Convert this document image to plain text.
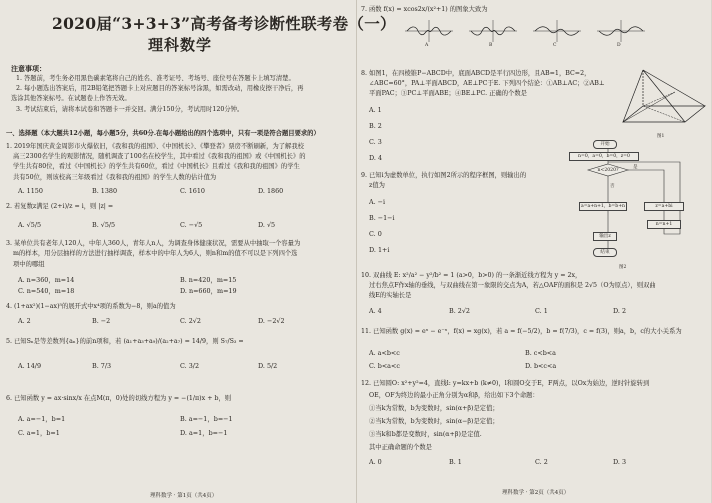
2020届“3+3+3”高考备考诊断性联考卷（一）
理科数学
注意事项：
1. 答题前，考生务必用黑色碳素笔将自己的姓名、准考证号、考场号、座位号在答题卡上填写清楚。
2. 每小题选出答案后，用2B铅笔把答题卡上对应题目的答案标号涂黑，如需改动，用橡皮擦干净后，再
选涂其他答案标号。在试题卷上作答无效。
3. 考试结束后，请将本试卷和答题卡一并交回。满分150分，考试用时120分钟。
一、选择题（本大题共12小题，每小题5分，共60分.在每小题给出的四个选项中，只有一项是符合题目要求的）
1. 2019年国庆黄金周影市火爆依旧，《我和我的祖国》、《中国机长》、《攀登者》票房不断刷新，为了解我校
高三2300名学生的观影情况，随机调查了100名在校学生，其中看过《我和我的祖国》或《中国机长》的
学生共有80位，看过《中国机长》的学生共有60位，看过《中国机长》且看过《我和我的祖国》的学生
共有50位，则该校高三年级看过《我和我的祖国》的学生人数的估计值为
A. 1150	B. 1380	C. 1610	D. 1860
2. 若复数z满足 (2+i)/z = i，则 |z| =
A. √5/5	B. √5/5	C. −√5	D. √5
3. 某单位共有老年人120人，中年人360人，青年人n人，为调查身体健康状况，需要从中抽取一个容量为
m的样本，用分层抽样的方法进行抽样调查，样本中的中年人为6人，则n和m的值不可以是下列四个选
项中的哪组
A. n=360，m=14	B. n=420，m=15
C. n=540，m=18	D. n=660，m=19
4. (1+ax²)(1−ax)⁵的展开式中x⁴项的系数为−8，则a的值为
A. 2	B. −2	C. 2√2	D. −2√2
5. 已知Sₙ是等差数列{aₙ}的前n项和，若 (a₁+a₃+a₉)/(a₂+a₇) = 14/9，则 S₇/S₃ =
A. 14/9	B. 7/3	C. 3/2	D. 5/2
6. 已知函数 y = ax·sinx/x 在点M(π，0)处的切线方程为 y = −(1/π)x + b，则
A. a=−1，b=1	B. a=−1，b=−1
C. a=1，b=1	D. a=1，b=−1
理科数学 · 第1页（共4页）
7. 函数 f(x) = xcos2x/(x²+1) 的图象大致为
A	B	C	D
8. 如图1，在四棱锥P−ABCD中，底面ABCD是平行四边形，且AB=1，BC=2，
∠ABC=60°，PA⊥平面ABCD，AE⊥PC于E. 下列四个结论：①AB⊥AC；②AB⊥
平面PAC；③PC⊥平面ABE；④BE⊥PC. 正确的个数是
A. 1
B. 2
C. 3
D. 4
图1
9. 已知i为虚数单位，执行如图2所示的程序框图，则输出的
z值为
A. −i
B. −1−i
C. 0
D. 1+i
开始
n=0，a=0，b=0，z=0
n<2020?
是
否
a=a+n+1，b=b+n	z=a+bi
n=n+1
输出z
结束
图2
10. 双曲线 E: x²/a² − y²/b² = 1 (a>0，b>0) 的一条渐近线方程为 y = 2x，
过右焦点F作x轴的垂线，与双曲线在第一象限的交点为A，若△OAF的面积是 2√5（O为原点），则双曲
线E的实轴长是
A. 4	B. 2√2	C. 1	D. 2
11. 已知函数 g(x) = eˣ − e⁻ˣ，f(x) = xg(x)，若 a = f(−5/2)，b = f(7/3)，c = f(3)，则a，b，c的大小关系为
A. a<b<c	B. c<b<a
C. b<a<c	D. b<c<a
12. 已知圆O: x²+y²=4，直线l: y=kx+b (k≠0)，l和圆O交于E，F两点，以Ox为始边，逆时针旋转到
OE，OF为终边的最小正角分别为α和β，给出如下3个命题：
①当k为常数，b为变数时，sin(α+β)是定值；
②当k为常数，b为变数时，sin(α−β)是定值；
③当k和b都是变数时，sin(α+β)是定值.
其中正确命题的个数是
A. 0	B. 1	C. 2	D. 3
理科数学 · 第2页（共4页）
